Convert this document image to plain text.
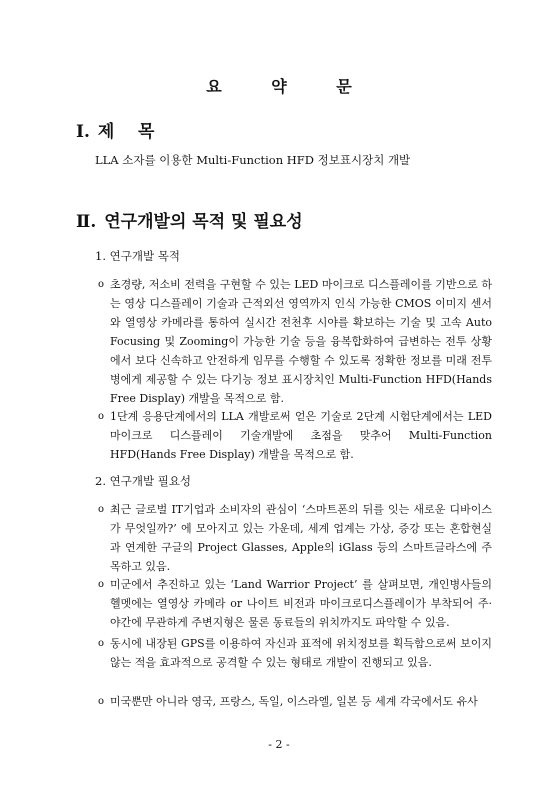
요 약 문
Ⅰ. 제    목
LLA 소자를 이용한 Multi-Function HFD 정보표시장치 개발
Ⅱ. 연구개발의 목적 및 필요성
1. 연구개발 목적
ο 초경량, 저소비 전력을 구현할 수 있는 LED 마이크로 디스플레이를 기반으로 하는 영상 디스플레이 기술과 근적외선 영역까지 인식 가능한 CMOS 이미지 센서와 열영상 카메라를 통하여 실시간 전천후 시야를 확보하는 기술 및 고속 Auto Focusing 및 Zooming이 가능한 기술 등을 융복합화하여 급변하는 전투 상황에서 보다 신속하고 안전하게 임무를 수행할 수 있도록 정확한 정보를 미래 전투병에게 제공할 수 있는 다기능 정보 표시장치인 Multi-Function HFD(Hands Free Display) 개발을 목적으로 함.

ο 1단계 응용단계에서의 LLA 개발로써 얻은 기술로 2단계 시험단계에서는 LED 마이크로 디스플레이 기술개발에 초점을 맞추어 Multi-Function HFD(Hands Free Display) 개발을 목적으로 함.

2. 연구개발 필요성
ο 최근 글로벌 IT기업과 소비자의 관심이 ‘스마트폰의 뒤를 잇는 새로운 디바이스가 무엇일까?’ 에 모아지고 있는 가운데, 세계 업계는 가상, 증강 또는 혼합현실과 연계한 구글의 Project Glasses, Apple의 iGlass 등의 스마트글라스에 주목하고 있음.

ο 미군에서 추진하고 있는 ‘Land Warrior Project’ 를 살펴보면, 개인병사들의 헬멧에는 열영상 카메라 or 나이트 비전과 마이크로디스플레이가 부착되어 주·야간에 무관하게 주변지형은 물론 동료들의 위치까지도 파악할 수 있음.

ο 동시에 내장된 GPS를 이용하여 자신과 표적에 위치정보를 획득함으로써 보이지 않는 적을 효과적으로 공격할 수 있는 형태로 개발이 진행되고 있음.

ο 미국뿐만 아니라 영국, 프랑스, 독일, 이스라엘, 일본 등 세계 각국에서도 유사

- 2 -
